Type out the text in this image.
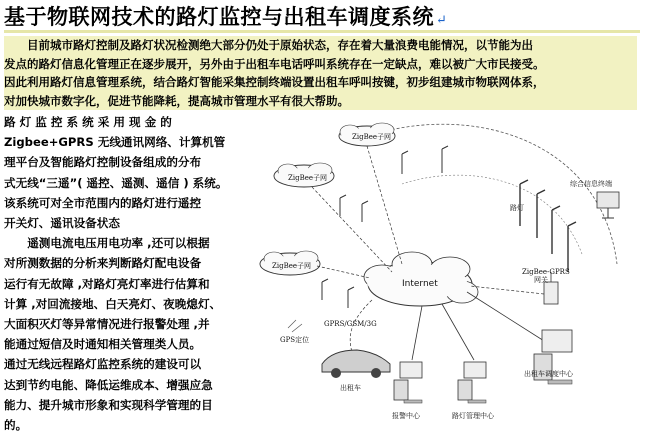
基于物联网技术的路灯监控与出租车调度系统 ↵

　　目前城市路灯控制及路灯状况检测绝大部分仍处于原始状态，存在着大量浪费电能情况，以节能为出
发点的路灯信息化管理正在逐步展开，另外由于出租车电话呼叫系统存在一定缺点，难以被广大市民接受。
因此利用路灯信息管理系统，结合路灯智能采集控制终端设置出租车呼叫按键，初步组建城市物联网体系，
对加快城市数字化，促进节能降耗，提高城市管理水平有很大帮助。

路 灯 监 控 系 统 采 用 现 金 的
Zigbee+GPRS 无线通讯网络、计算机管
理平台及智能路灯控制设备组成的分布
式无线“三遥”( 遥控、遥测、遥信 ) 系统。
该系统可对全市范围内的路灯进行遥控
开关灯、遥讯设备状态
　　遥测电流电压用电功率 ,还可以根据
对所测数据的分析来判断路灯配电设备
运行有无故障 ,对路灯亮灯率进行估算和
计算 ,对回流接地、白天亮灯、夜晚熄灯、
大面积灭灯等异常情况进行报警处理 ,并
能通过短信及时通知相关管理类人员。
通过无线远程路灯监控系统的建设可以
达到节约电能、降低运维成本、增强应急
能力、提升城市形象和实现科学管理的目
的。
ZigBee子网
ZigBee子网
ZigBee子网
路灯
综合信息终端
ZigBee-GPRS
网关
Internet
GPRS/GSM/3G
GPS定位
出租车
报警中心	路灯管理中心
出租车调度中心
